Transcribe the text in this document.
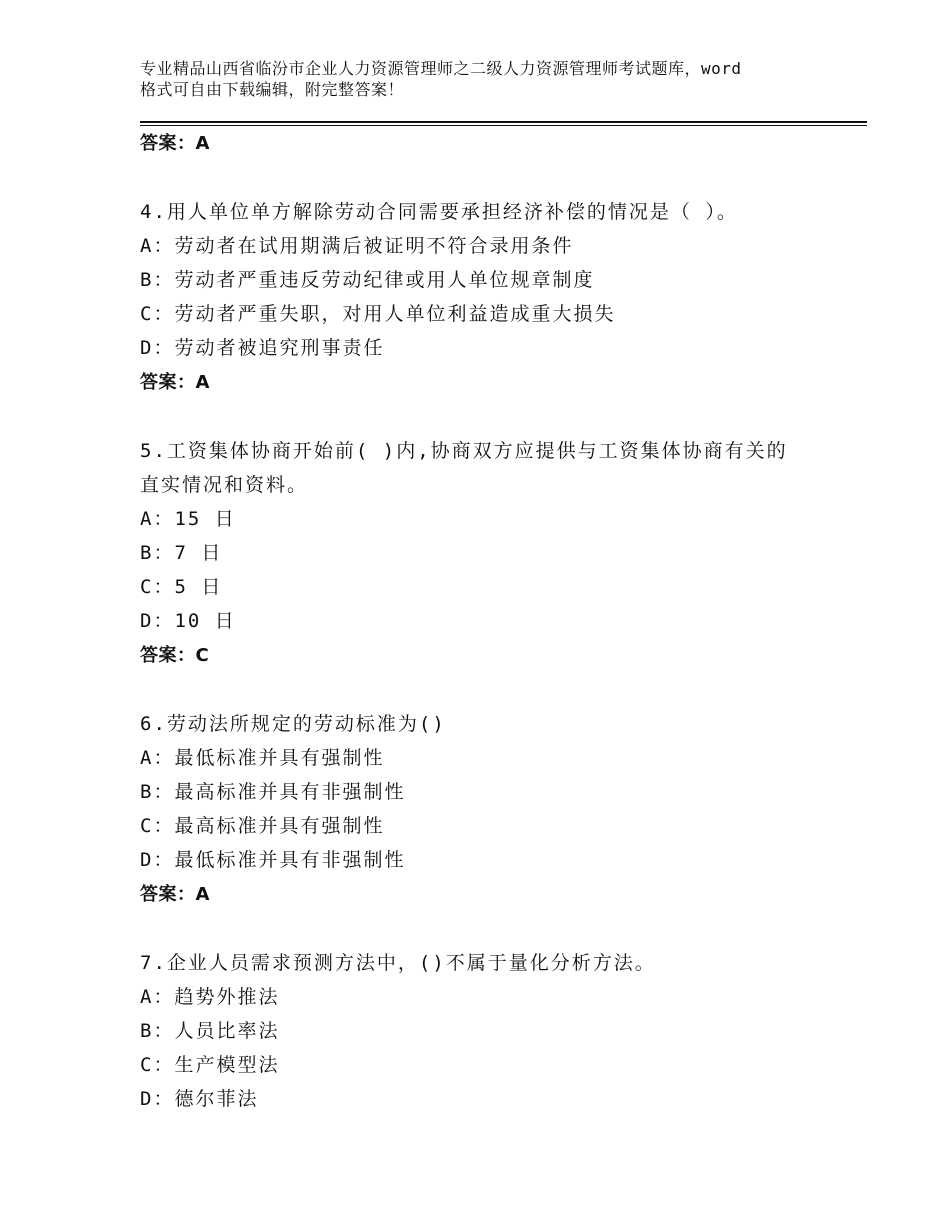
专业精品山西省临汾市企业人力资源管理师之二级人力资源管理师考试题库，word
格式可自由下载编辑，附完整答案！
答案：A
4.用人单位单方解除劳动合同需要承担经济补偿的情况是（ ）。
A：劳动者在试用期满后被证明不符合录用条件
B：劳动者严重违反劳动纪律或用人单位规章制度
C：劳动者严重失职，对用人单位利益造成重大损失
D：劳动者被追究刑事责任
答案：A
5.工资集体协商开始前( )内,协商双方应提供与工资集体协商有关的
直实情况和资料。
A：15 日
B：7 日
C：5 日
D：10 日
答案：C
6.劳动法所规定的劳动标准为()
A：最低标准并具有强制性
B：最高标准并具有非强制性
C：最高标准并具有强制性
D：最低标准并具有非强制性
答案：A
7.企业人员需求预测方法中，()不属于量化分析方法。
A：趋势外推法
B：人员比率法
C：生产模型法
D：德尔菲法
